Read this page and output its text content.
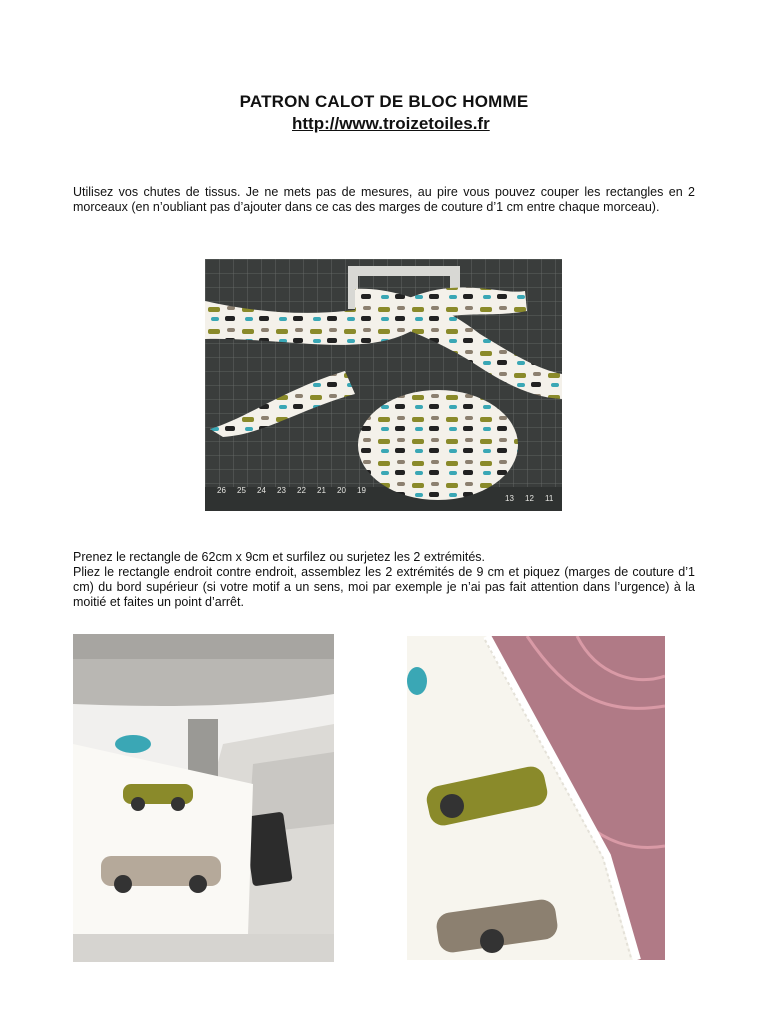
PATRON CALOT DE BLOC HOMME
http://www.troizetoiles.fr

Utilisez vos chutes de tissus. Je ne mets pas de mesures, au pire vous pouvez couper les rectangles en 2 morceaux (en n’oubliant pas d’ajouter dans ce cas des marges de couture d’1 cm entre chaque morceau).

26 25 24 23 22 21 20 19
13 12 11

Prenez le rectangle de 62cm x 9cm et surfilez ou surjetez les 2 extrémités.
Pliez le rectangle endroit contre endroit, assemblez les 2 extrémités de 9 cm et piquez (marges de couture d’1 cm) du bord supérieur (si votre motif a un sens, moi par exemple je n’ai pas fait attention dans l’urgence) à la moitié et faites un point d’arrêt.
